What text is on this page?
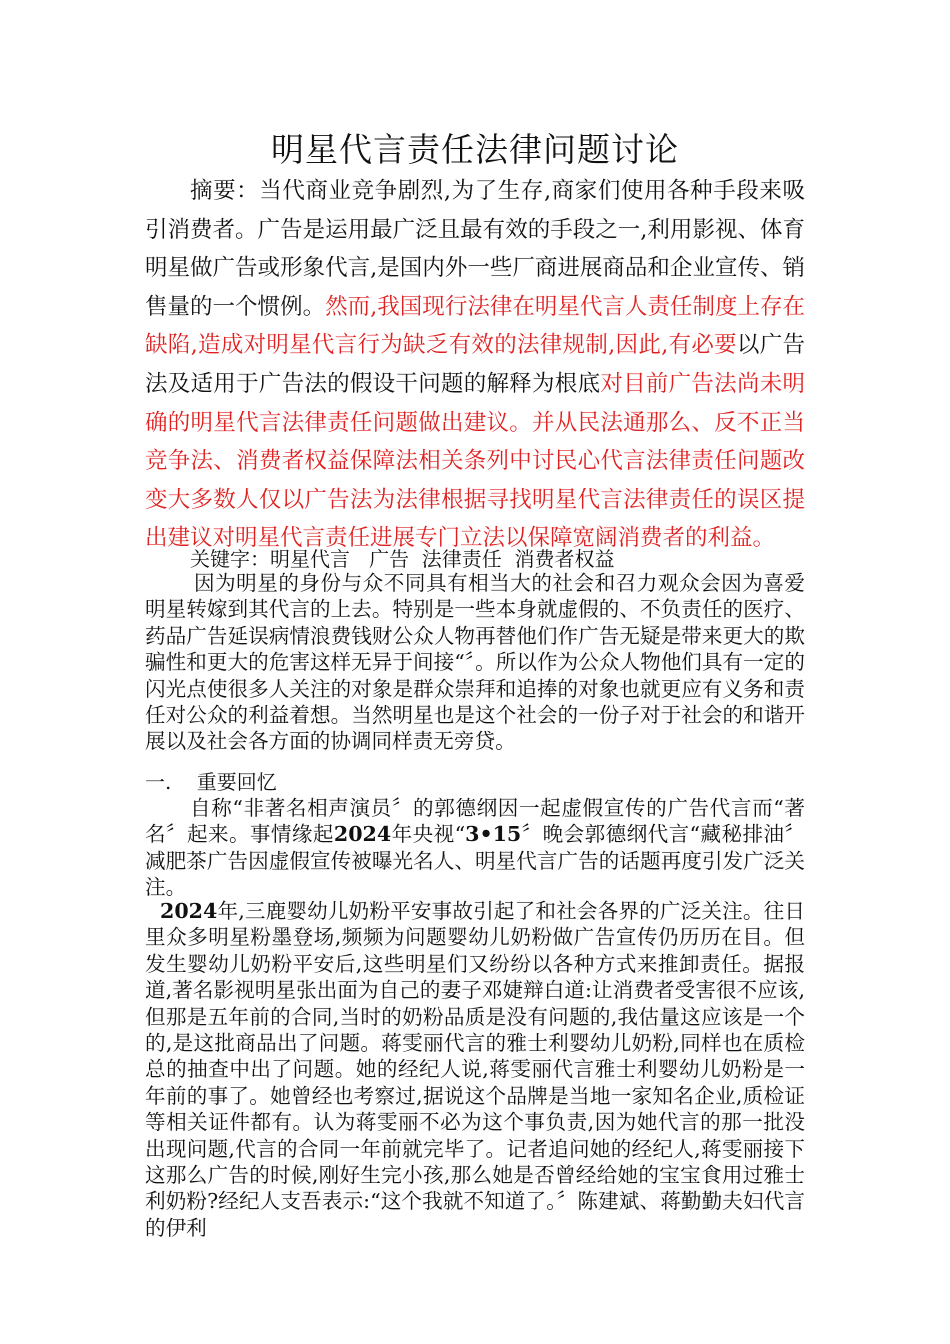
明星代言责任法律问题讨论

摘要：当代商业竞争剧烈,为了生存,商家们使用各种手段来吸引消费者。广告是运用最广泛且最有效的手段之一,利用影视、体育明星做广告或形象代言,是国内外一些厂商进展商品和企业宣传、销售量的一个惯例。然而,我国现行法律在明星代言人责任制度上存在缺陷,造成对明星代言行为缺乏有效的法律规制,因此,有必要以广告法及适用于广告法的假设干问题的解释为根底对目前广告法尚未明确的明星代言法律责任问题做出建议。并从民法通那么、反不正当竞争法、消费者权益保障法相关条列中讨民心代言法律责任问题改变大多数人仅以广告法为法律根据寻找明星代言法律责任的误区提出建议对明星代言责任进展专门立法以保障宽阔消费者的利益。

关键字：明星代言   广告  法律责任  消费者权益

因为明星的身份与众不同具有相当大的社会和召力观众会因为喜爱明星转嫁到其代言的上去。特别是一些本身就虚假的、不负责任的医疗、药品广告延误病情浪费钱财公众人物再替他们作广告无疑是带来更大的欺骗性和更大的危害这样无异于间接“〞。所以作为公众人物他们具有一定的闪光点使很多人关注的对象是群众崇拜和追捧的对象也就更应有义务和责任对公众的利益着想。当然明星也是这个社会的一份子对于社会的和谐开展以及社会各方面的协调同样责无旁贷。

一.    重要回忆

自称“非著名相声演员〞的郭德纲因一起虚假宣传的广告代言而“著名〞起来。事情缘起2024年央视“3•15〞晚会郭德纲代言“藏秘排油〞减肥茶广告因虚假宣传被曝光名人、明星代言广告的话题再度引发广泛关注。

2024年,三鹿婴幼儿奶粉平安事故引起了和社会各界的广泛关注。往日里众多明星粉墨登场,频频为问题婴幼儿奶粉做广告宣传仍历历在目。但发生婴幼儿奶粉平安后,这些明星们又纷纷以各种方式来推卸责任。据报道,著名影视明星张出面为自己的妻子邓婕辩白道:让消费者受害很不应该,但那是五年前的合同,当时的奶粉品质是没有问题的,我估量这应该是一个的,是这批商品出了问题。蒋雯丽代言的雅士利婴幼儿奶粉,同样也在质检总的抽查中出了问题。她的经纪人说,蒋雯丽代言雅士利婴幼儿奶粉是一年前的事了。她曾经也考察过,据说这个品牌是当地一家知名企业,质检证等相关证件都有。认为蒋雯丽不必为这个事负责,因为她代言的那一批没出现问题,代言的合同一年前就完毕了。记者追问她的经纪人,蒋雯丽接下这那么广告的时候,刚好生完小孩,那么她是否曾经给她的宝宝食用过雅士利奶粉?经纪人支吾表示:“这个我就不知道了。〞陈建斌、蒋勤勤夫妇代言的伊利
